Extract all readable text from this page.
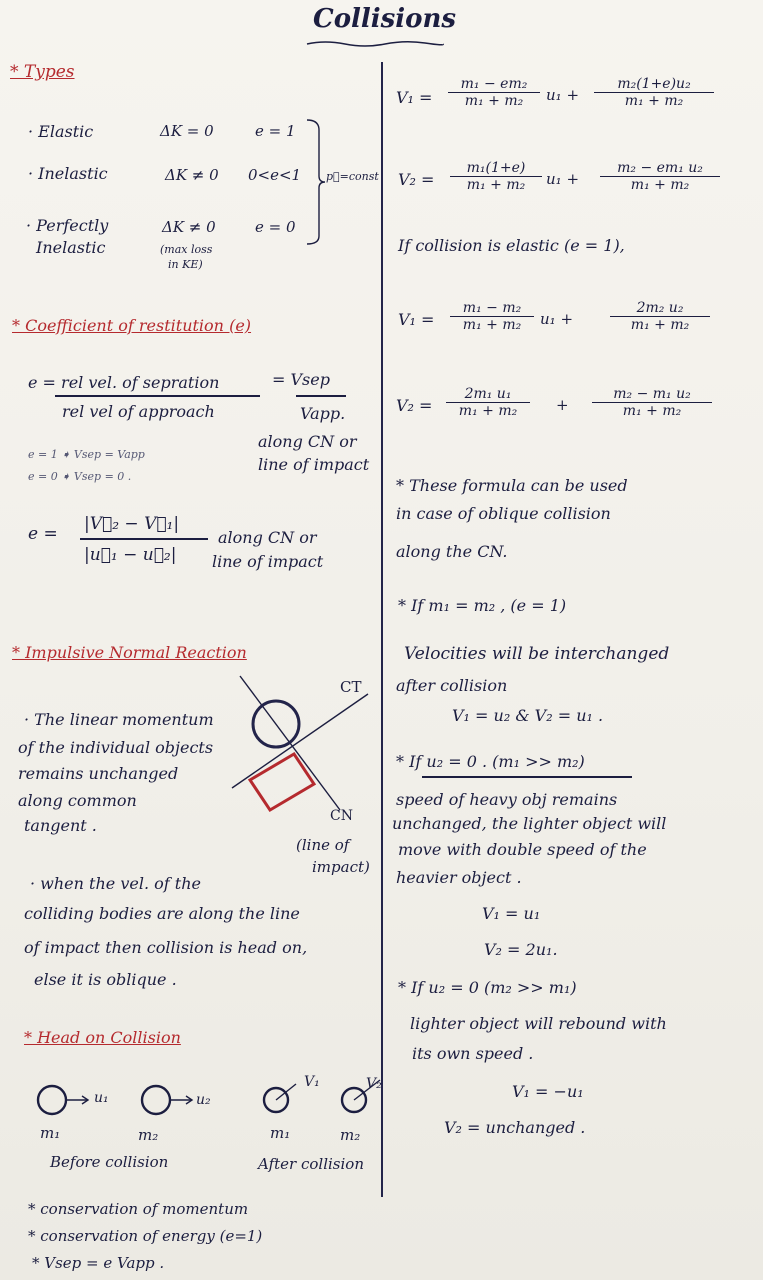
Collisions
* Types
· Elastic	ΔK = 0	e = 1
· Inelastic	ΔK ≠ 0 0<e<1
· Perfectly
Inelastic
ΔK ≠ 0	e = 0
(max loss
in KE)
p⃗=const
* Coefficient of restitution (e)
e = rel vel. of sepration	= Vsep
rel vel of approach	Vapp.
along CN or
line of impact
e = 1 ➧ Vsep = Vapp
e = 0 ➧ Vsep = 0 .
e = |V⃗₂ − V⃗₁|
|u⃗₁ − u⃗₂|
along CN or
line of impact
* Impulsive Normal Reaction
CT
CN
(line of
impact)
· The linear momentum
of the individual objects
remains unchanged
along common
tangent .
· when the vel. of the
colliding bodies are along the line
of impact then collision is head on,
else it is oblique .
* Head on Collision
u₁	u₂
V₁	V₂
m₁	m₂	m₁	m₂
Before collision	After collision
* conservation of momentum
* conservation of energy (e=1)
* Vsep = e Vapp .
$V_1 = \frac{\text{m₁ − em₂}}{\text{m₁ + m₂}} u_1 + \frac{\text{m₂(1+e)u₂}}{\text{m₁ + m₂}}$
$V_2 = \frac{\text{m₁(1+e)}}{\text{m₁ + m₂}} u_1 + \frac{\text{m₂ − em₁ u₂}}{\text{m₁ + m₂}}$
If collision is elastic (e = 1),
$V_1 = \frac{\text{m₁ − m₂}}{\text{m₁ + m₂}} u_1$ +	$\frac{\text{2m₂ u₂}}{\text{m₁ + m₂}}$
$V_2 = \frac{\text{2m₁ u₁}}{\text{m₁ + m₂}} + \frac{\text{m₂ − m₁ u₂}}{\text{m₁ + m₂}}$
* These formula can be used
in case of oblique collision
along the CN.
* If m₁ = m₂ , (e = 1)
Velocities will be interchanged
after collision
V₁ = u₂ & V₂ = u₁ .
* If u₂ = 0 . (m₁ >> m₂)
speed of heavy obj remains
unchanged, the lighter object will
move with double speed of the
heavier object .
V₁ = u₁
V₂ = 2u₁.
* If u₂ = 0 (m₂ >> m₁)
lighter object will rebound with
its own speed .
V₁ = −u₁
V₂ = unchanged .
